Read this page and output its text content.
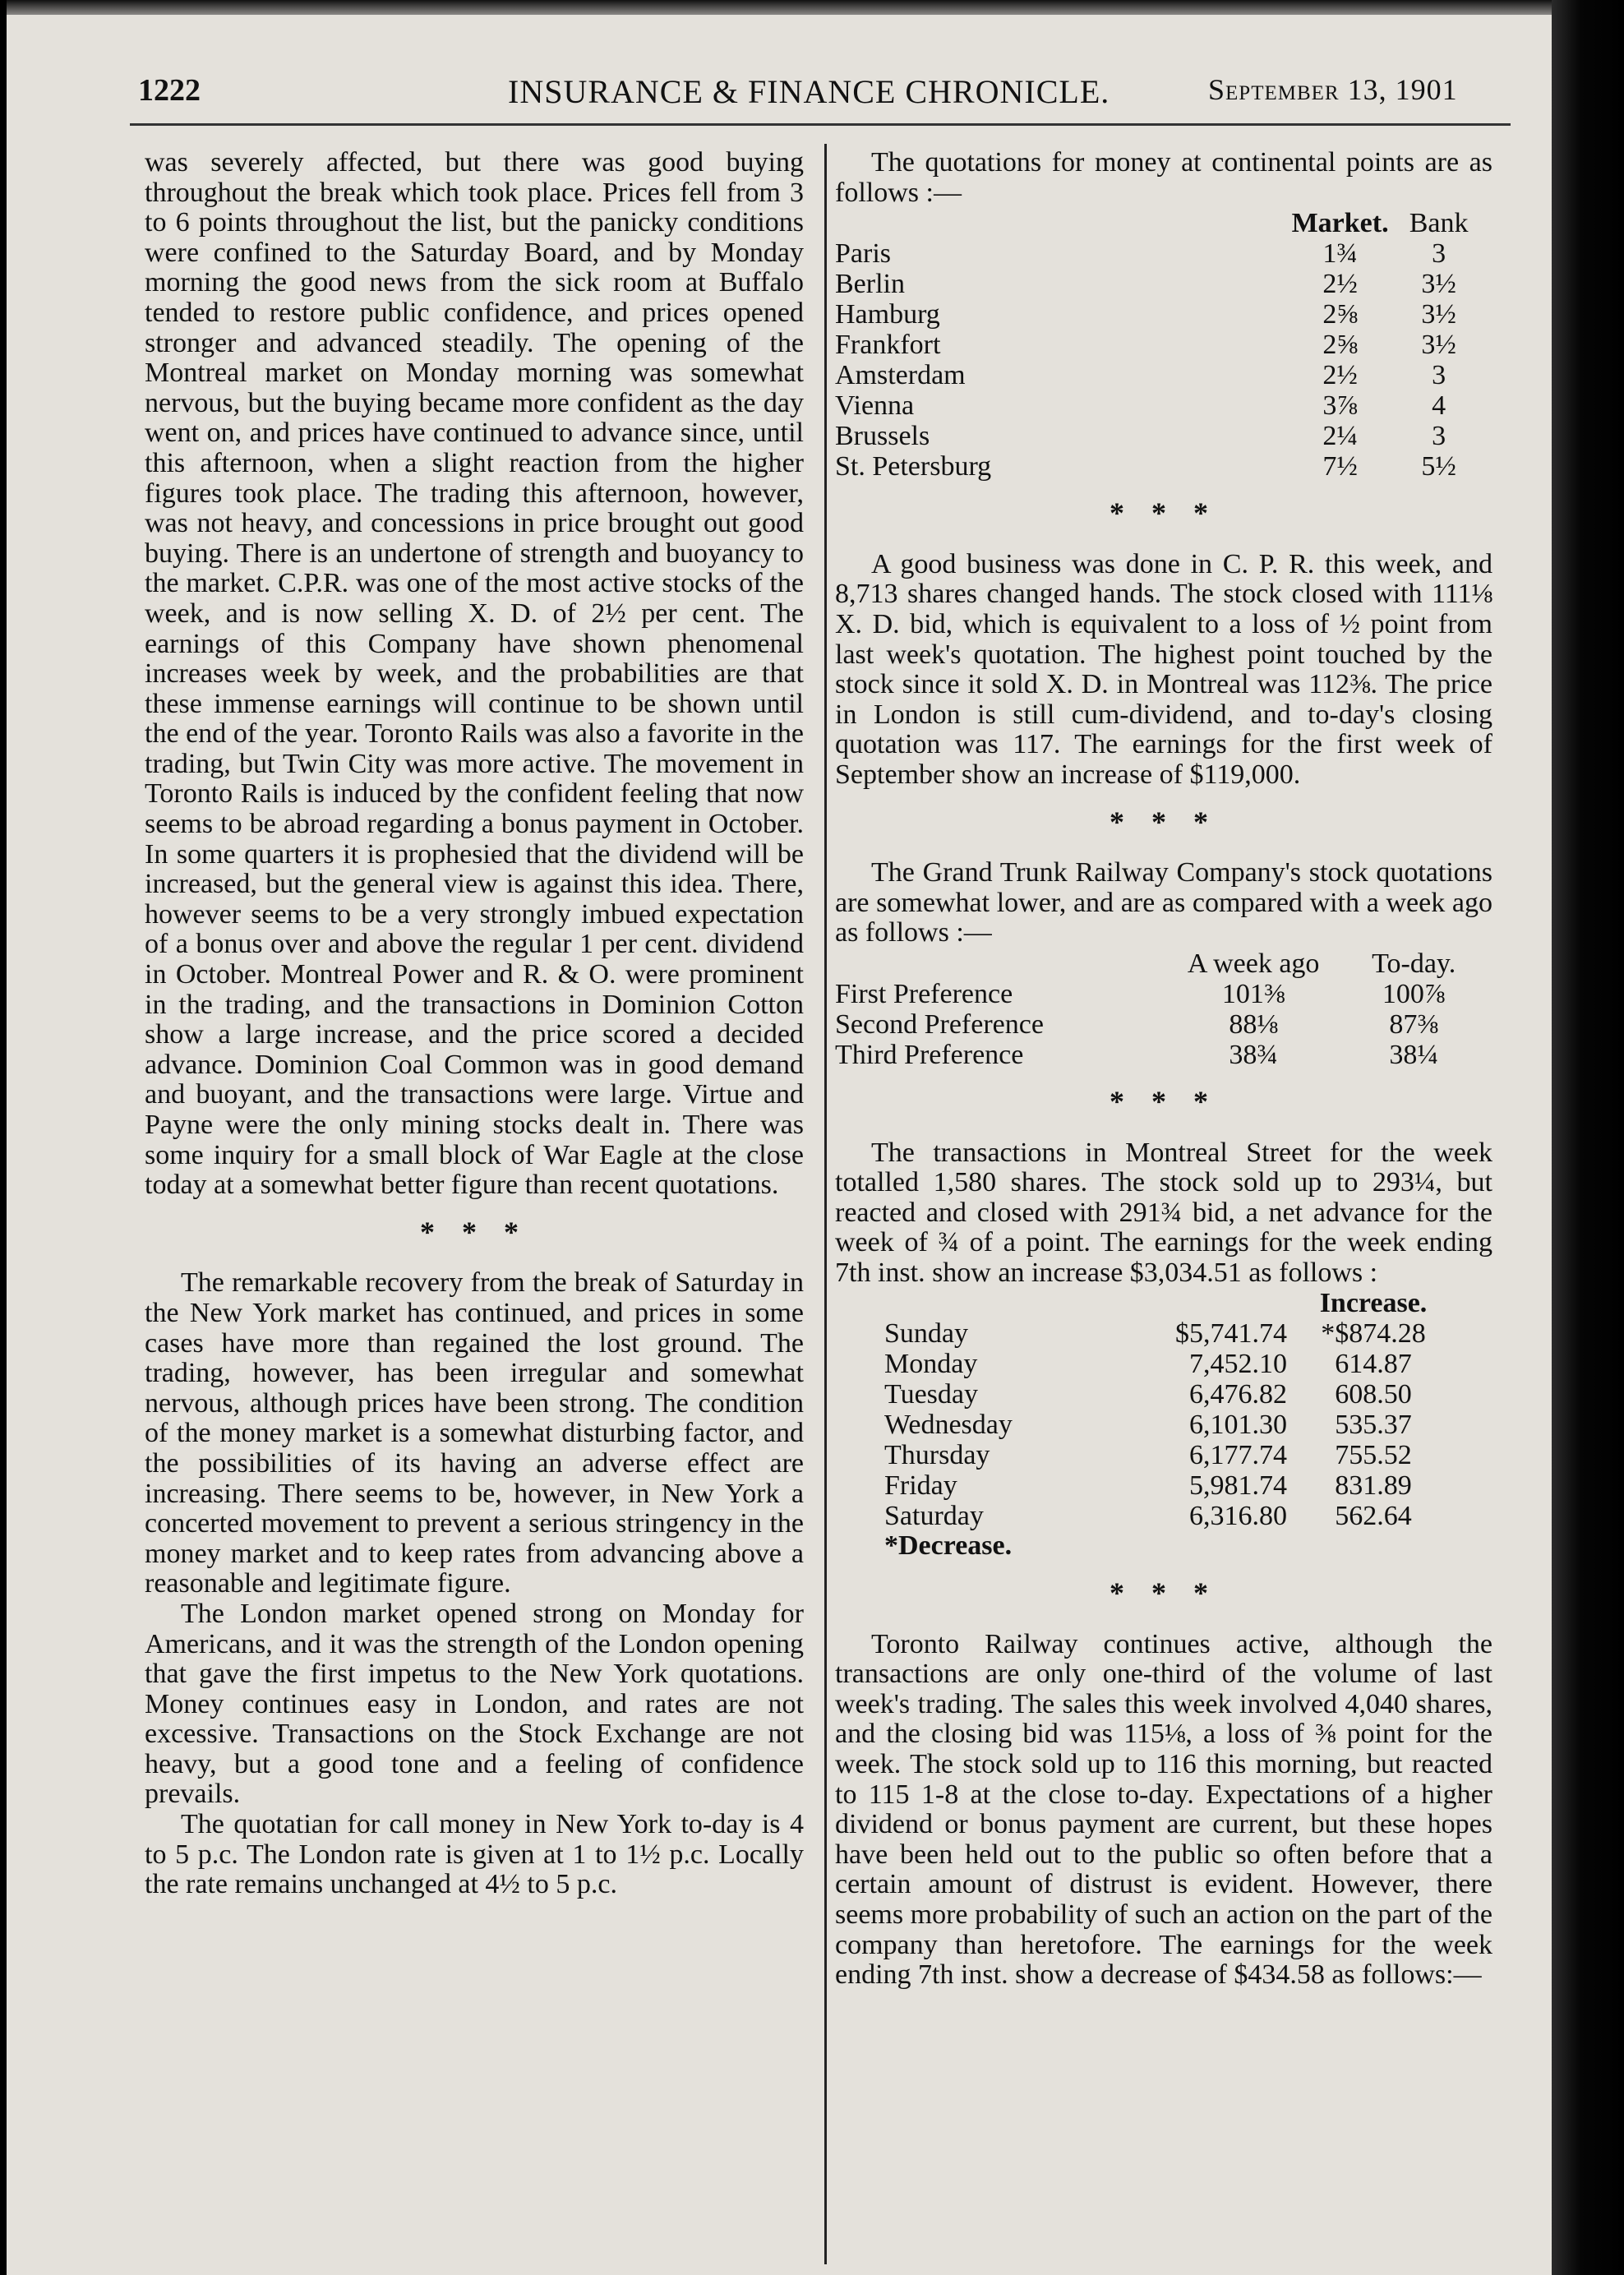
1222	INSURANCE & FINANCE CHRONICLE.	September 13, 1901

was severely affected, but there was good buying throughout the break which took place. Prices fell from 3 to 6 points throughout the list, but the panicky conditions were confined to the Saturday Board, and by Monday morning the good news from the sick room at Buffalo tended to restore public confidence, and prices opened stronger and advanced steadily. The opening of the Montreal market on Monday morning was somewhat nervous, but the buying became more confident as the day went on, and prices have continued to advance since, until this afternoon, when a slight reaction from the higher figures took place. The trading this afternoon, however, was not heavy, and concessions in price brought out good buying. There is an undertone of strength and buoyancy to the market. C.P.R. was one of the most active stocks of the week, and is now selling X. D. of 2½ per cent. The earnings of this Company have shown phenomenal increases week by week, and the probabilities are that these immense earnings will continue to be shown until the end of the year. Toronto Rails was also a favorite in the trading, but Twin City was more active. The movement in Toronto Rails is induced by the confident feeling that now seems to be abroad regarding a bonus payment in October. In some quarters it is prophesied that the dividend will be increased, but the general view is against this idea. There, however seems to be a very strongly imbued expectation of a bonus over and above the regular 1 per cent. dividend in October. Montreal Power and R. & O. were prominent in the trading, and the transactions in Dominion Cotton show a large increase, and the price scored a decided advance. Dominion Coal Common was in good demand and buoyant, and the transactions were large. Virtue and Payne were the only mining stocks dealt in. There was some inquiry for a small block of War Eagle at the close today at a somewhat better figure than recent quotations.

* * *

The remarkable recovery from the break of Saturday in the New York market has continued, and prices in some cases have more than regained the lost ground. The trading, however, has been irregular and somewhat nervous, although prices have been strong. The condition of the money market is a somewhat disturbing factor, and the possibilities of its having an adverse effect are increasing. There seems to be, however, in New York a concerted movement to prevent a serious stringency in the money market and to keep rates from advancing above a reasonable and legitimate figure.

The London market opened strong on Monday for Americans, and it was the strength of the London opening that gave the first impetus to the New York quotations. Money continues easy in London, and rates are not excessive. Transactions on the Stock Exchange are not heavy, but a good tone and a feeling of confidence prevails.

The quotatian for call money in New York to-day is 4 to 5 p.c. The London rate is given at 1 to 1½ p.c. Locally the rate remains unchanged at 4½ to 5 p.c.

The quotations for money at continental points are as follows :—

	Market.	Bank
Paris	1¾	3
Berlin	2½	3½
Hamburg	2⅝	3½
Frankfort	2⅝	3½
Amsterdam	2½	3
Vienna	3⅞	4
Brussels	2¼	3
St. Petersburg	7½	5½
* * *

A good business was done in C. P. R. this week, and 8,713 shares changed hands. The stock closed with 111⅛ X. D. bid, which is equivalent to a loss of ½ point from last week's quotation. The highest point touched by the stock since it sold X. D. in Montreal was 112⅜. The price in London is still cum-dividend, and to-day's closing quotation was 117. The earnings for the first week of September show an increase of $119,000.

* * *

The Grand Trunk Railway Company's stock quotations are somewhat lower, and are as compared with a week ago as follows :—

	A week ago	To-day.
First Preference	101⅜	100⅞
Second Preference	88⅛	87⅜
Third Preference	38¾	38¼
* * *

The transactions in Montreal Street for the week totalled 1,580 shares. The stock sold up to 293¼, but reacted and closed with 291¾ bid, a net advance for the week of ¾ of a point. The earnings for the week ending 7th inst. show an increase $3,034.51 as follows :

		Increase.
Sunday	$5,741.74	*$874.28
Monday	7,452.10	614.87
Tuesday	6,476.82	608.50
Wednesday	6,101.30	535.37
Thursday	6,177.74	755.52
Friday	5,981.74	831.89
Saturday	6,316.80	562.64
*Decrease.
* * *

Toronto Railway continues active, although the transactions are only one-third of the volume of last week's trading. The sales this week involved 4,040 shares, and the closing bid was 115⅛, a loss of ⅜ point for the week. The stock sold up to 116 this morning, but reacted to 115 1-8 at the close to-day. Expectations of a higher dividend or bonus payment are current, but these hopes have been held out to the public so often before that a certain amount of distrust is evident. However, there seems more probability of such an action on the part of the company than heretofore. The earnings for the week ending 7th inst. show a decrease of $434.58 as follows:—
